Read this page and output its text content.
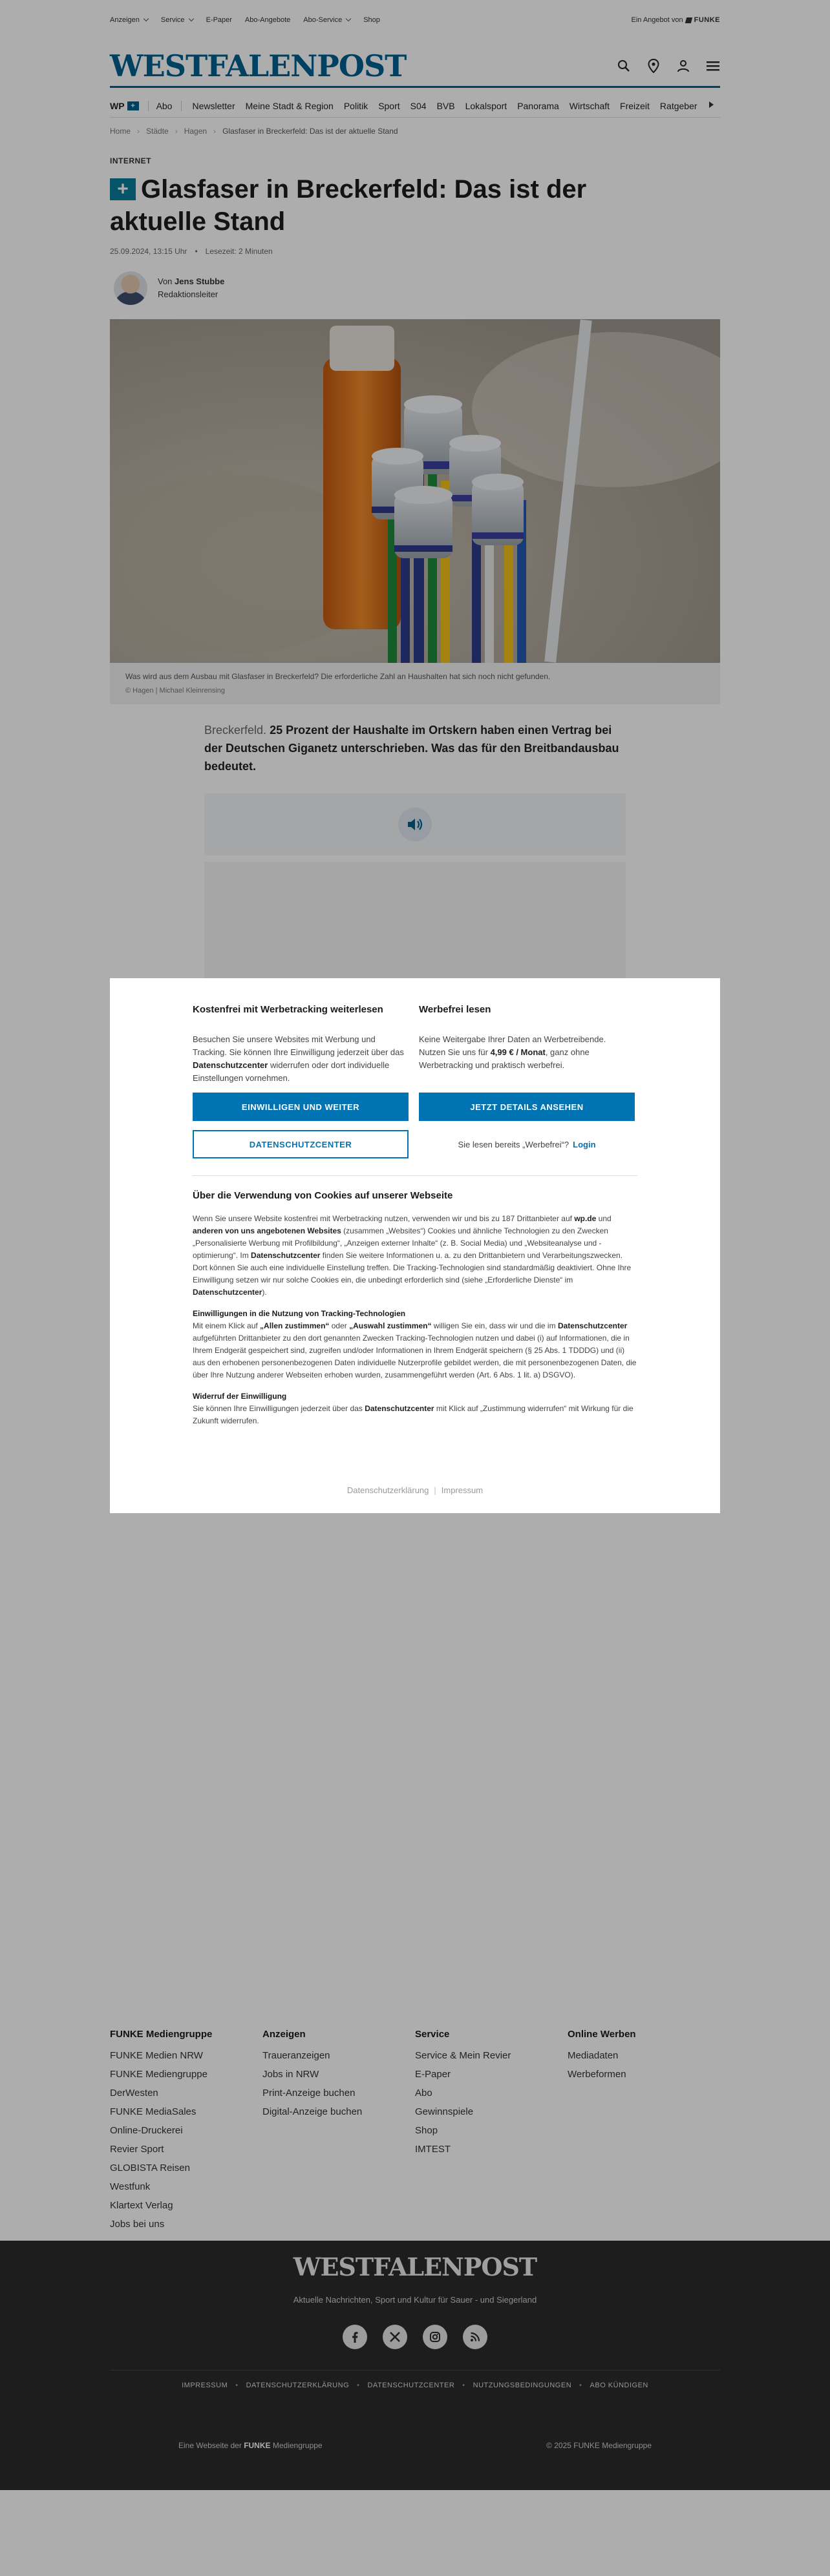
Anzeigen	Service	E-Paper Abo-Angebote Abo-Service	Shop	Ein Angebot von FUNKE
WESTFALENPOST
WP +	Abo	Newsletter Meine Stadt & Region Politik Sport S04 BVB Lokalsport Panorama Wirtschaft Freizeit Ratgeber
Home › Städte › Hagen › Glasfaser in Breckerfeld: Das ist der aktuelle Stand
INTERNET
+ Glasfaser in Breckerfeld: Das ist der aktuelle Stand
25.09.2024, 13:15 Uhr • Lesezeit: 2 Minuten
Von Jens Stubbe
Redaktionsleiter
Was wird aus dem Ausbau mit Glasfaser in Breckerfeld? Die erforderliche Zahl an Haushalten hat sich noch nicht gefunden.
© Hagen | Michael Kleinrensing

Breckerfeld. 25 Prozent der Haushalte im Ortskern haben einen Vertrag bei der Deutschen Giganetz unterschrieben. Was das für den Breitbandausbau bedeutet.

FUNKE Mediengruppe
FUNKE Medien NRW
FUNKE Mediengruppe
DerWesten
FUNKE MediaSales
Online-Druckerei
Revier Sport
GLOBISTA Reisen
Westfunk
Klartext Verlag
Jobs bei uns
Anzeigen
Traueranzeigen
Jobs in NRW
Print-Anzeige buchen
Digital-Anzeige buchen
Service
Service & Mein Revier
E-Paper
Abo
Gewinnspiele
Shop
IMTEST
Online Werben
Mediadaten
Werbeformen
WESTFALENPOST
Aktuelle Nachrichten, Sport und Kultur für Sauer - und Siegerland
IMPRESSUM • DATENSCHUTZERKLÄRUNG • DATENSCHUTZCENTER • NUTZUNGSBEDINGUNGEN • ABO KÜNDIGEN
Eine Webseite der FUNKE Mediengruppe	© 2025 FUNKE Mediengruppe
Kostenfrei mit Werbetracking weiterlesen

Besuchen Sie unsere Websites mit Werbung und Tracking. Sie können Ihre Einwilligung jederzeit über das Datenschutzcenter widerrufen oder dort individuelle Einstellungen vornehmen.

EINWILLIGEN UND WEITER
DATENSCHUTZCENTER
Werbefrei lesen

Keine Weitergabe Ihrer Daten an Werbetreibende. Nutzen Sie uns für 4,99 € / Monat, ganz ohne Werbetracking und praktisch werbefrei.

JETZT DETAILS ANSEHEN
Sie lesen bereits „Werbefrei“? Login
Über die Verwendung von Cookies auf unserer Webseite

Wenn Sie unsere Website kostenfrei mit Werbetracking nutzen, verwenden wir und bis zu 187 Drittanbieter auf wp.de und anderen von uns angebotenen Websites (zusammen „Websites“) Cookies und ähnliche Technologien zu den Zwecken „Personalisierte Werbung mit Profilbildung“, „Anzeigen externer Inhalte“ (z. B. Social Media) und „Websiteanalyse und -optimierung“. Im Datenschutzcenter finden Sie weitere Informationen u. a. zu den Drittanbietern und Verarbeitungszwecken. Dort können Sie auch eine individuelle Einstellung treffen. Die Tracking-Technologien sind standardmäßig deaktiviert. Ohne Ihre Einwilligung setzen wir nur solche Cookies ein, die unbedingt erforderlich sind (siehe „Erforderliche Dienste“ im Datenschutzcenter).

Einwilligungen in die Nutzung von Tracking-Technologien

Mit einem Klick auf „Allen zustimmen“ oder „Auswahl zustimmen“ willigen Sie ein, dass wir und die im Datenschutzcenter aufgeführten Drittanbieter zu den dort genannten Zwecken Tracking-Technologien nutzen und dabei (i) auf Informationen, die in Ihrem Endgerät gespeichert sind, zugreifen und/oder Informationen in Ihrem Endgerät speichern (§ 25 Abs. 1 TDDDG) und (ii) aus den erhobenen personenbezogenen Daten individuelle Nutzerprofile gebildet werden, die mit personenbezogenen Daten, die über Ihre Nutzung anderer Webseiten erhoben wurden, zusammengeführt werden (Art. 6 Abs. 1 lit. a) DSGVO).

Widerruf der Einwilligung

Sie können Ihre Einwilligungen jederzeit über das Datenschutzcenter mit Klick auf „Zustimmung widerrufen“ mit Wirkung für die Zukunft widerrufen.

Datenschutzerklärung | Impressum
